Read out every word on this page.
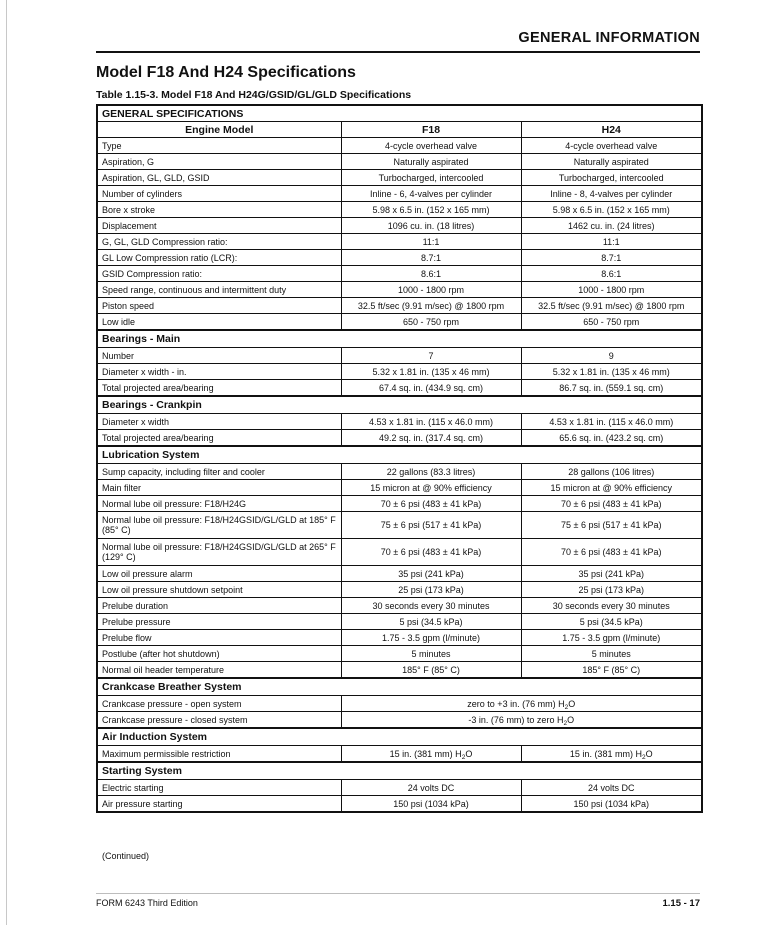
GENERAL INFORMATION
Model F18 And H24 Specifications
Table 1.15-3. Model F18 And H24G/GSID/GL/GLD Specifications
GENERAL SPECIFICATIONS		
Engine Model	F18	H24
Type	4-cycle overhead valve	4-cycle overhead valve
Aspiration, G	Naturally aspirated	Naturally aspirated
Aspiration, GL, GLD, GSID	Turbocharged, intercooled	Turbocharged, intercooled
Number of cylinders	Inline - 6, 4-valves per cylinder	Inline - 8, 4-valves per cylinder
Bore x stroke	5.98 x 6.5 in. (152 x 165 mm)	5.98 x 6.5 in. (152 x 165 mm)
Displacement	1096 cu. in. (18 litres)	1462 cu. in. (24 litres)
G, GL, GLD Compression ratio:	11:1	11:1
GL Low Compression ratio (LCR):	8.7:1	8.7:1
GSID Compression ratio:	8.6:1	8.6:1
Speed range, continuous and intermittent duty	1000 - 1800 rpm	1000 - 1800 rpm
Piston speed	32.5 ft/sec (9.91 m/sec) @ 1800 rpm	32.5 ft/sec (9.91 m/sec) @ 1800 rpm
Low idle	650 - 750 rpm	650 - 750 rpm
Bearings - Main		
Number	7	9
Diameter x width - in.	5.32 x 1.81 in. (135 x 46 mm)	5.32 x 1.81 in. (135 x 46 mm)
Total projected area/bearing	67.4 sq. in. (434.9 sq. cm)	86.7 sq. in. (559.1 sq. cm)
Bearings - Crankpin		
Diameter x width	4.53 x 1.81 in. (115 x 46.0 mm)	4.53 x 1.81 in. (115 x 46.0 mm)
Total projected area/bearing	49.2 sq. in. (317.4 sq. cm)	65.6 sq. in. (423.2 sq. cm)
Lubrication System		
Sump capacity, including filter and cooler	22 gallons (83.3 litres)	28 gallons (106 litres)
Main filter	15 micron at @ 90% efficiency	15 micron at @ 90% efficiency
Normal lube oil pressure: F18/H24G	70 ± 6 psi (483 ± 41 kPa)	70 ± 6 psi (483 ± 41 kPa)
Normal lube oil pressure: F18/H24GSID/GL/GLD at 185° F (85° C)	75 ± 6 psi (517 ± 41 kPa)	75 ± 6 psi (517 ± 41 kPa)
Normal lube oil pressure: F18/H24GSID/GL/GLD at 265° F (129° C)	70 ± 6 psi (483 ± 41 kPa)	70 ± 6 psi (483 ± 41 kPa)
Low oil pressure alarm	35 psi (241 kPa)	35 psi (241 kPa)
Low oil pressure shutdown setpoint	25 psi (173 kPa)	25 psi (173 kPa)
Prelube duration	30 seconds every 30 minutes	30 seconds every 30 minutes
Prelube pressure	5 psi (34.5 kPa)	5 psi (34.5 kPa)
Prelube flow	1.75 - 3.5 gpm (l/minute)	1.75 - 3.5 gpm (l/minute)
Postlube (after hot shutdown)	5 minutes	5 minutes
Normal oil header temperature	185° F (85° C)	185° F (85° C)
Crankcase Breather System		
Crankcase pressure - open system	zero to +3 in. (76 mm) $H_2O$	
Crankcase pressure - closed system	-3 in. (76 mm) to zero $H_2O$	
Air Induction System		
Maximum permissible restriction	15 in. (381 mm) $H_2O$	15 in. (381 mm) $H_2O$
Starting System		
Electric starting	24 volts DC	24 volts DC
Air pressure starting	150 psi (1034 kPa)	150 psi (1034 kPa)
(Continued)
FORM 6243 Third Edition	1.15 - 17
